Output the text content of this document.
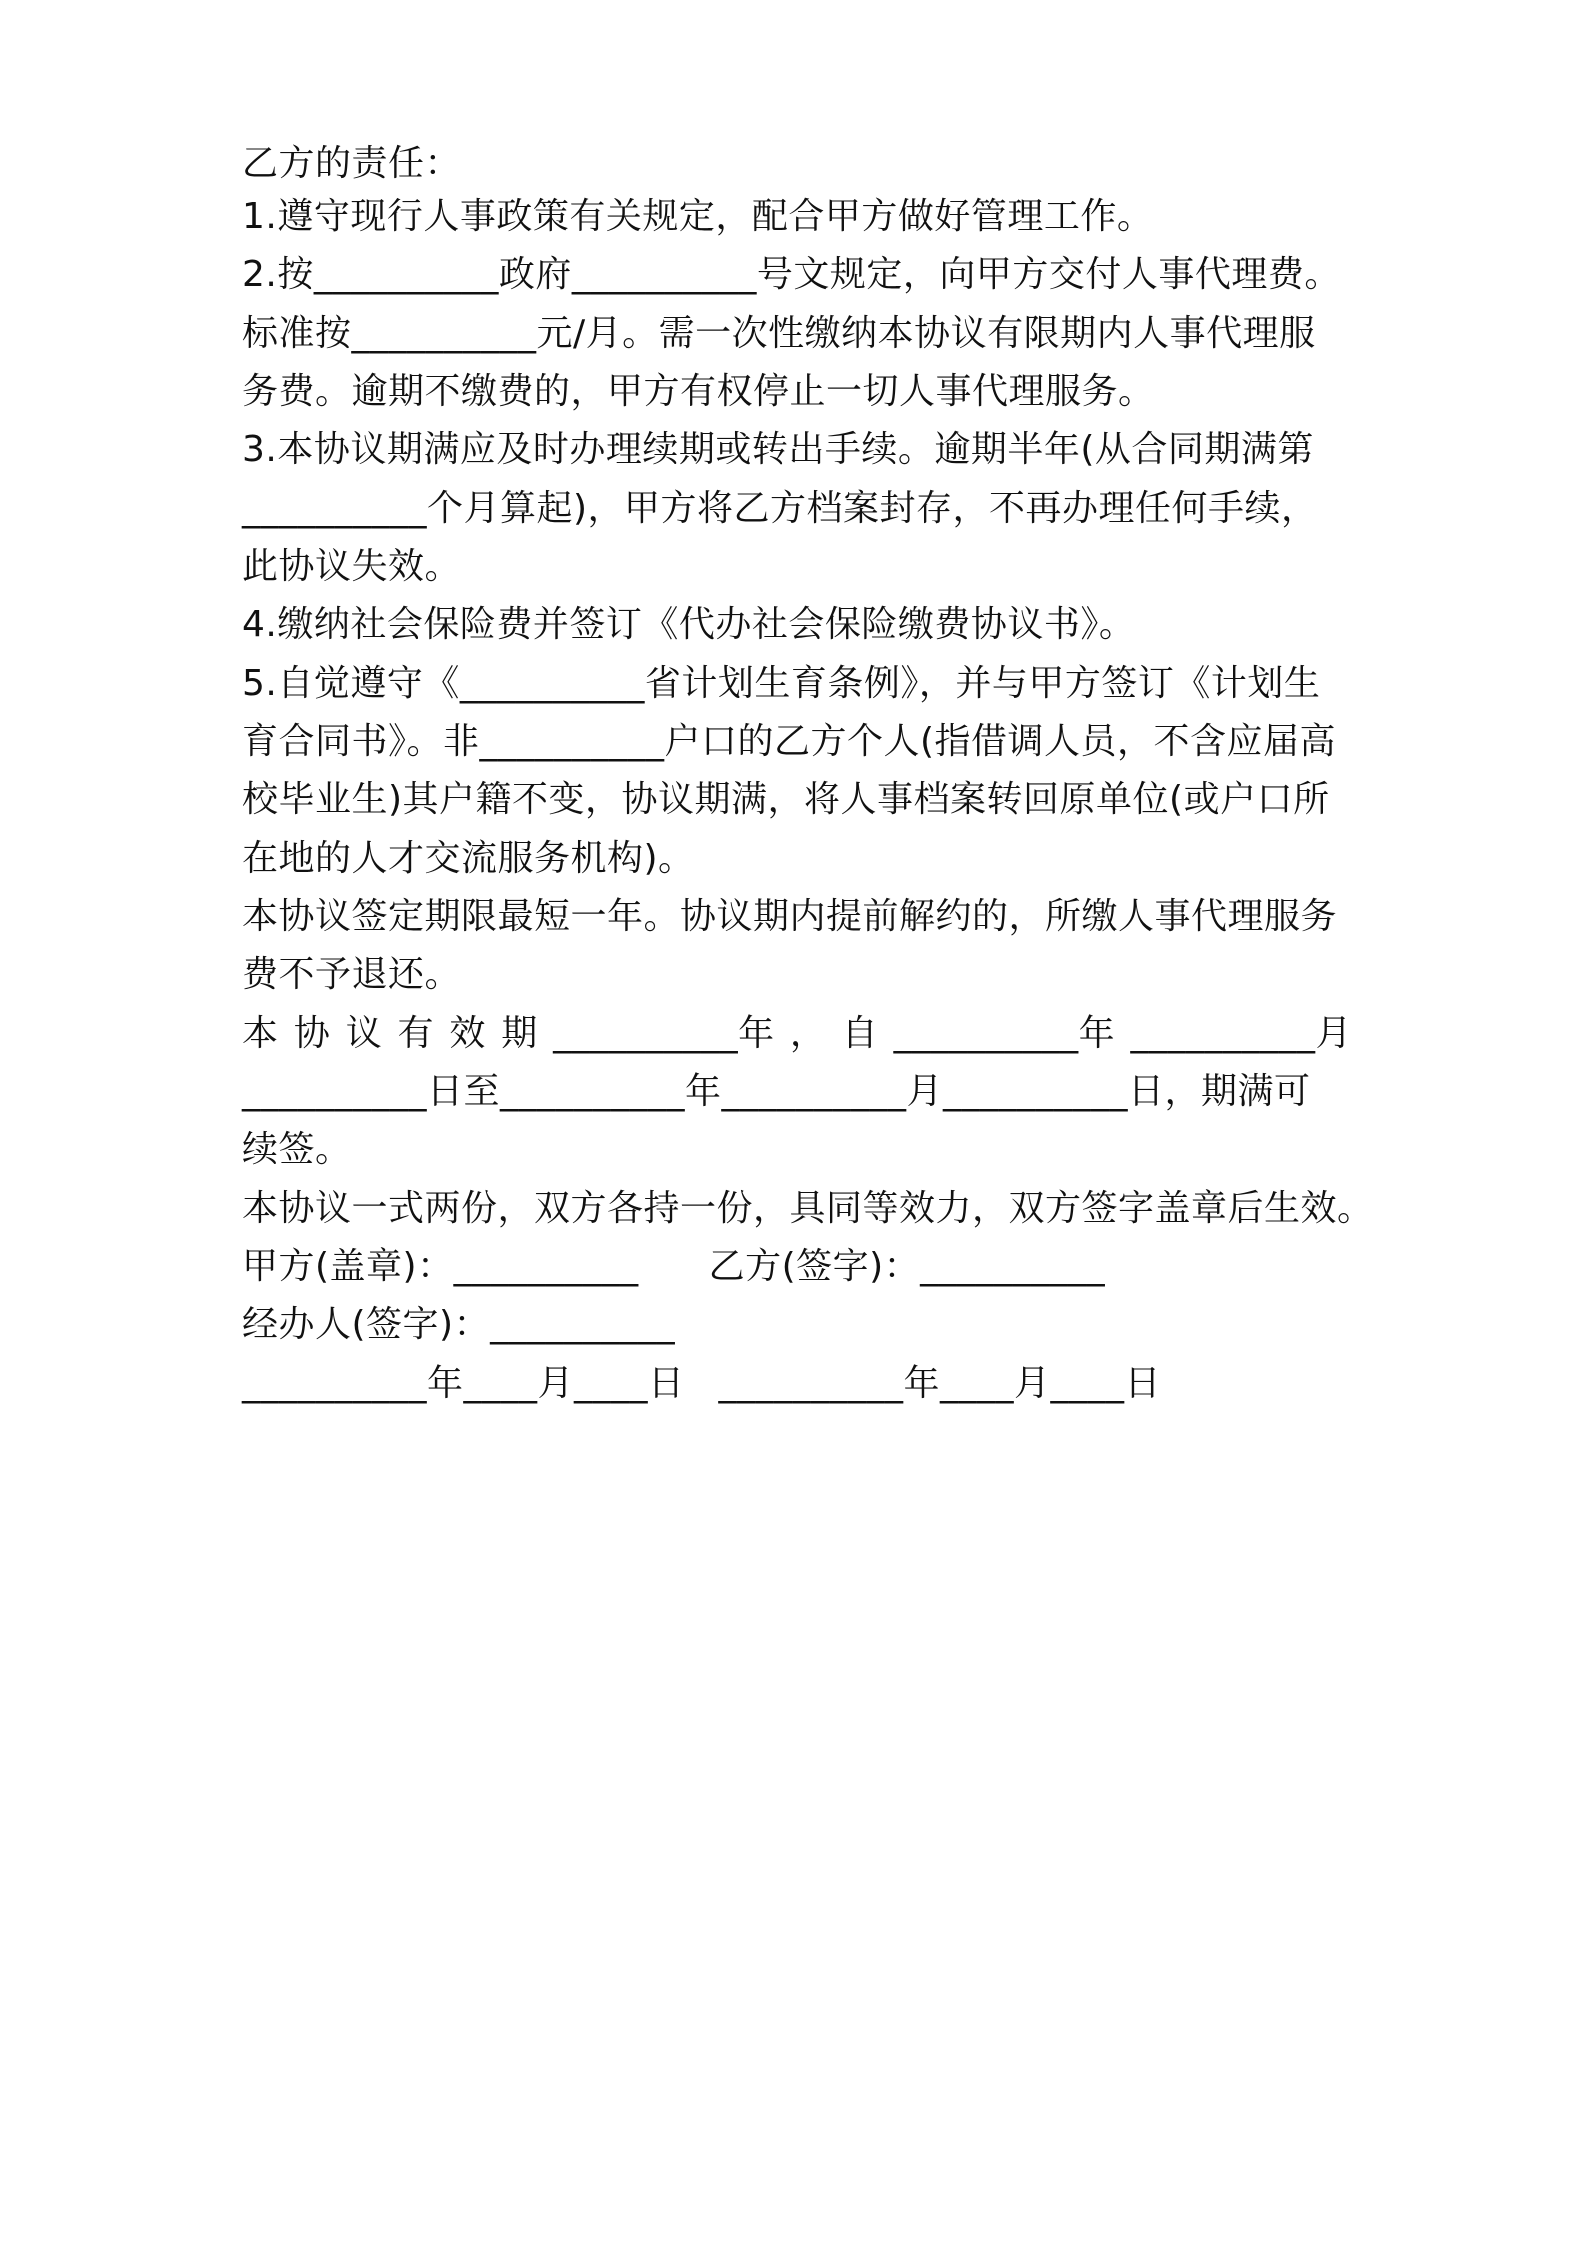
乙方的责任：
1.遵守现行人事政策有关规定，配合甲方做好管理工作。
2.按__________政府__________号文规定，向甲方交付人事代理费。
标准按__________元/月。需一次性缴纳本协议有限期内人事代理服
务费。逾期不缴费的，甲方有权停止一切人事代理服务。
3.本协议期满应及时办理续期或转出手续。逾期半年(从合同期满第
__________个月算起)，甲方将乙方档案封存，不再办理任何手续，
此协议失效。
4.缴纳社会保险费并签订《代办社会保险缴费协议书》。
5.自觉遵守《__________省计划生育条例》，并与甲方签订《计划生
育合同书》。非__________户口的乙方个人(指借调人员，不含应届高
校毕业生)其户籍不变，协议期满，将人事档案转回原单位(或户口所
在地的人才交流服务机构)。
本协议签定期限最短一年。协议期内提前解约的，所缴人事代理服务
费不予退还。
本 协 议 有 效 期 __________年 ， 自 __________年 __________月
__________日至__________年__________月__________日，期满可
续签。
本协议一式两份，双方各持一份，具同等效力，双方签字盖章后生效。
甲方(盖章)：__________ 乙方(签字)：__________
经办人(签字)：__________
__________年____月____日 __________年____月____日
